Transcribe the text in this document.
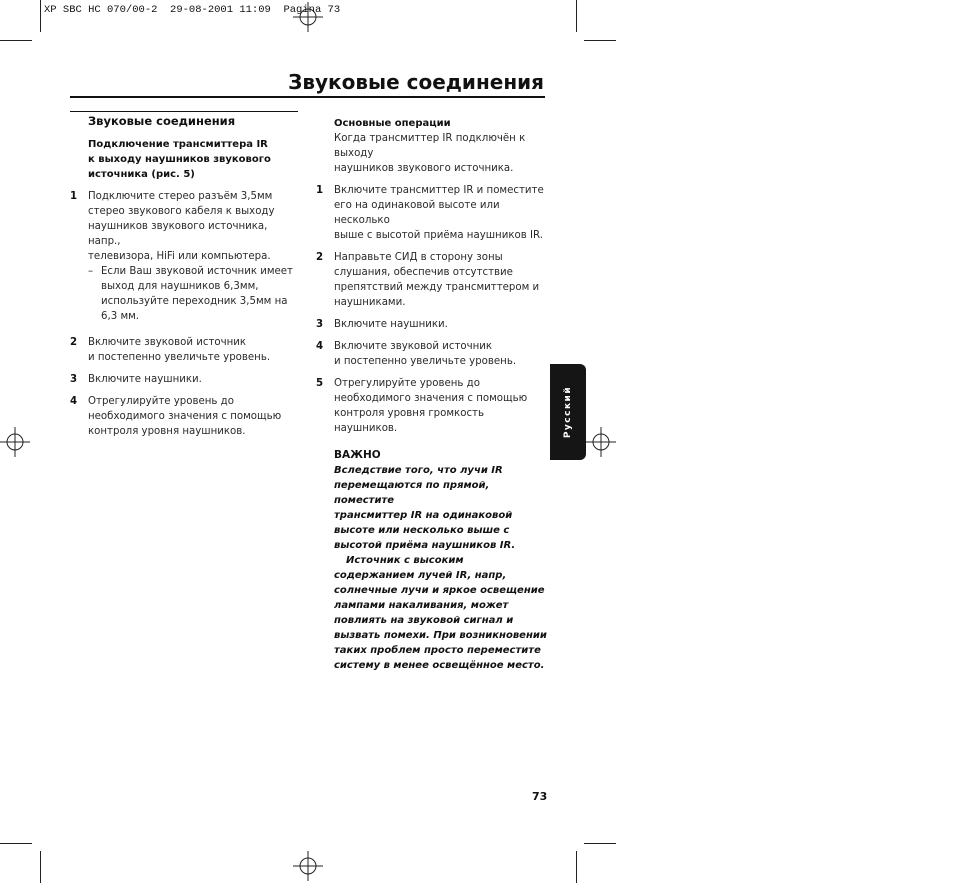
XP SBC HC 070/00-2  29-08-2001 11:09  Pagina 73
Звуковые соединения
Звуковые соединения
Подключение трансмиттера IR
к выходу наушников звукового
источника (рис. 5)
1 Подключите стерео разъём 3,5мм
стерео звукового кабеля к выходу
наушников звукового источника, напр.,
телевизора, HiFi или компьютера.
– Если Ваш звуковой источник имеет
выход для наушников 6,3мм,
используйте переходник 3,5мм на
6,3 мм.
2 Включите звуковой источник
и постепенно увеличьте уровень.
3 Включите наушники.
4 Отрегулируйте уровень до
необходимого значения с помощью
контроля уровня наушников.
Основные операции
Когда трансмиттер IR подключён к выходу
наушников звукового источника.
1 Включите трансмиттер IR и поместите
его на одинаковой высоте или несколько
выше с высотой приёма наушников IR.
2 Направьте СИД в сторону зоны
слушания, обеспечив отсутствие
препятствий между трансмиттером и
наушниками.
3 Включите наушники.
4 Включите звуковой источник
и постепенно увеличьте уровень.
5 Отрегулируйте уровень до
необходимого значения с помощью
контроля уровня громкость наушников.
ВАЖНО
Вследствие того, что лучи IR
перемещаются по прямой, поместите
трансмиттер IR на одинаковой
высоте или несколько выше с
высотой приёма наушников IR.
Источник с высоким
содержанием лучей IR, напр,
солнечные лучи и яркое освещение
лампами накаливания, может
повлиять на звуковой сигнал и
вызвать помехи. При возникновении
таких проблем просто переместите
систему в менее освещённое место.
Русский
73
